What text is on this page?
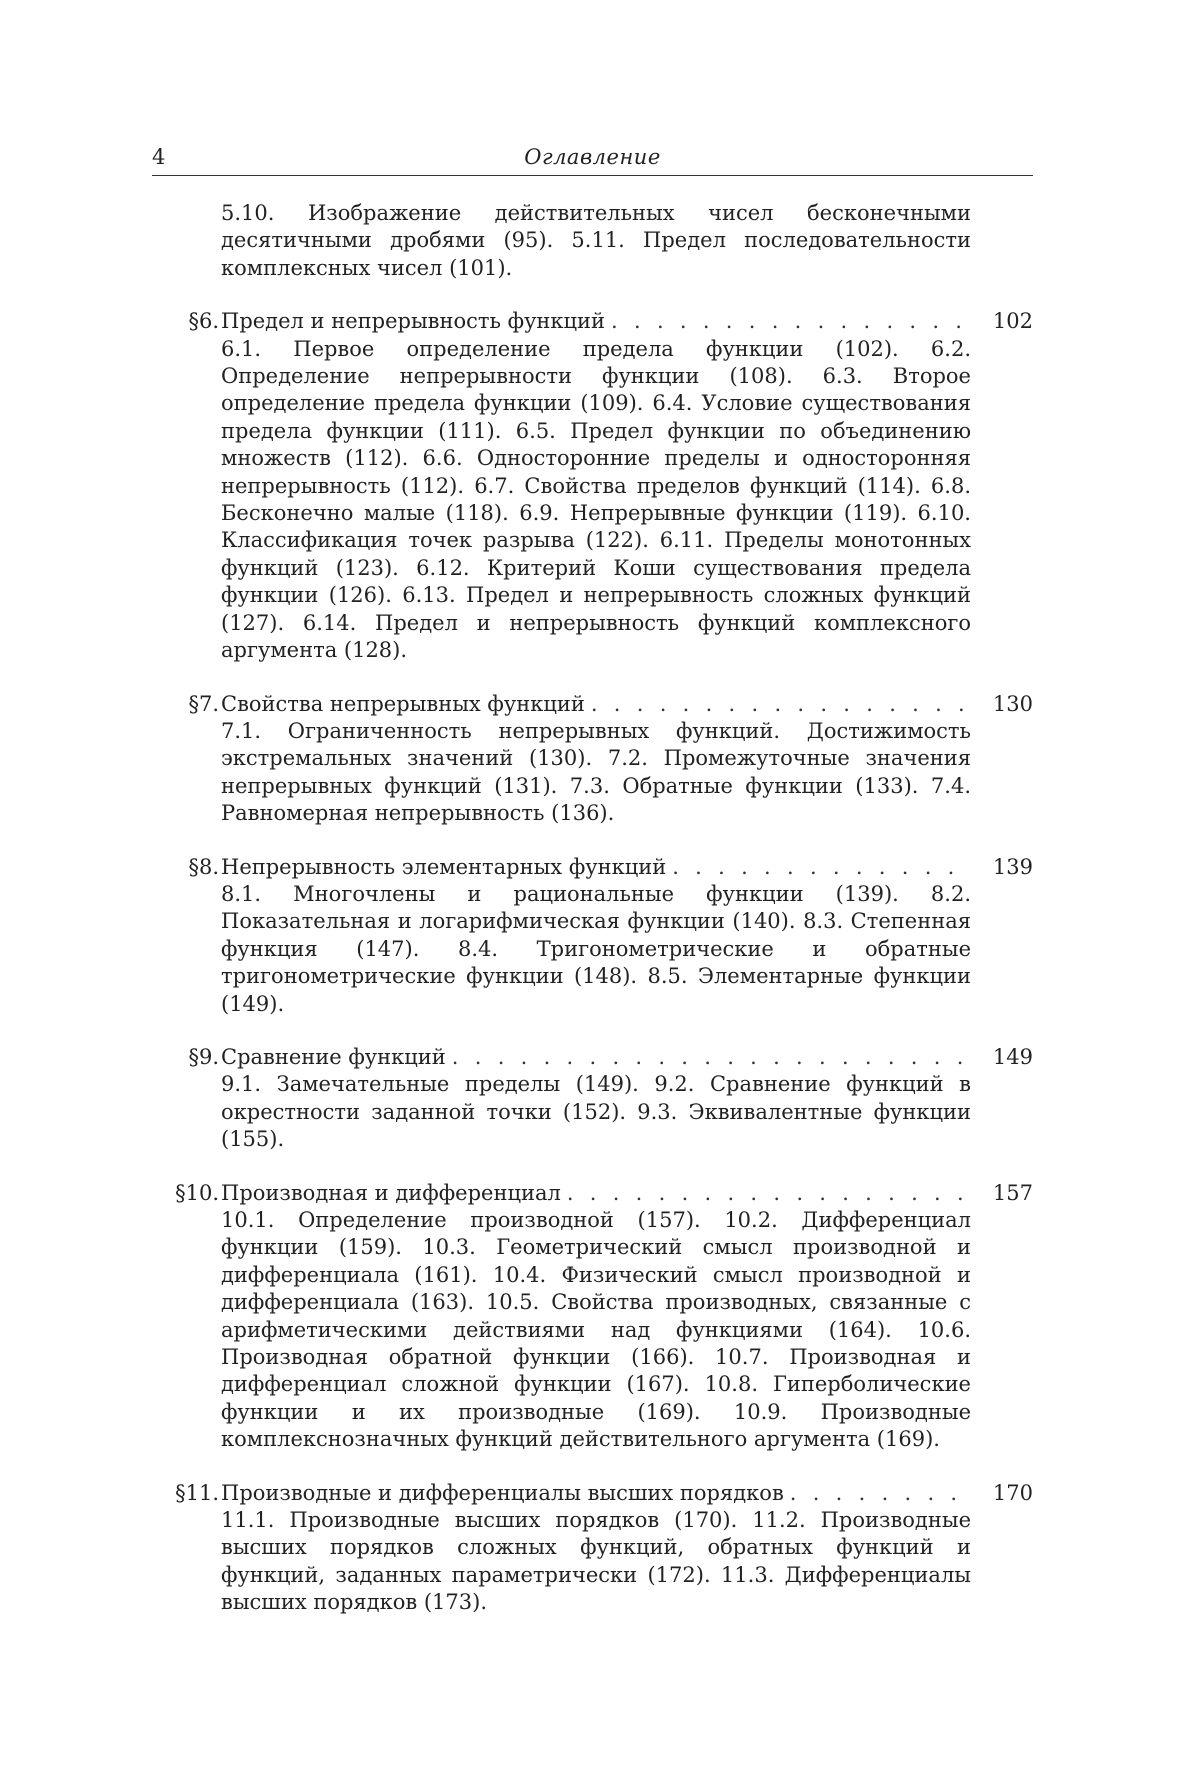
4	Оглавление
5.10. Изображение действительных чисел бесконечными десятичными дробями (95). 5.11. Предел последовательности комплексных чисел (101).
§6. Предел и непрерывность функций . . .	102
6.1. Первое определение предела функции (102). 6.2. Определение непрерывности функции (108). 6.3. Второе определение предела функции (109). 6.4. Условие существования предела функции (111). 6.5. Предел функции по объединению множеств (112). 6.6. Односторонние пределы и односторонняя непрерывность (112). 6.7. Свойства пределов функций (114). 6.8. Бесконечно малые (118). 6.9. Непрерывные функции (119). 6.10. Классификация точек разрыва (122). 6.11. Пределы монотонных функций (123). 6.12. Критерий Коши существования предела функции (126). 6.13. Предел и непрерывность сложных функций (127). 6.14. Предел и непрерывность функций комплексного аргумента (128).
§7. Свойства непрерывных функций . . .	130
7.1. Ограниченность непрерывных функций. Достижимость экстремальных значений (130). 7.2. Промежуточные значения непрерывных функций (131). 7.3. Обратные функции (133). 7.4. Равномерная непрерывность (136).
§8. Непрерывность элементарных функций . . .	139
8.1. Многочлены и рациональные функции (139). 8.2. Показательная и логарифмическая функции (140). 8.3. Степенная функция (147). 8.4. Тригонометрические и обратные тригонометрические функции (148). 8.5. Элементарные функции (149).
§9. Сравнение функций . . .	149
9.1. Замечательные пределы (149). 9.2. Сравнение функций в окрестности заданной точки (152). 9.3. Эквивалентные функции (155).
§10. Производная и дифференциал . . .	157
10.1. Определение производной (157). 10.2. Дифференциал функции (159). 10.3. Геометрический смысл производной и дифференциала (161). 10.4. Физический смысл производной и дифференциала (163). 10.5. Свойства производных, связанные с арифметическими действиями над функциями (164). 10.6. Производная обратной функции (166). 10.7. Производная и дифференциал сложной функции (167). 10.8. Гиперболические функции и их производные (169). 10.9. Производные комплекснозначных функций действительного аргумента (169).
§11. Производные и дифференциалы высших порядков . . .	170
11.1. Производные высших порядков (170). 11.2. Производные высших порядков сложных функций, обратных функций и функций, заданных параметрически (172). 11.3. Дифференциалы высших порядков (173).
